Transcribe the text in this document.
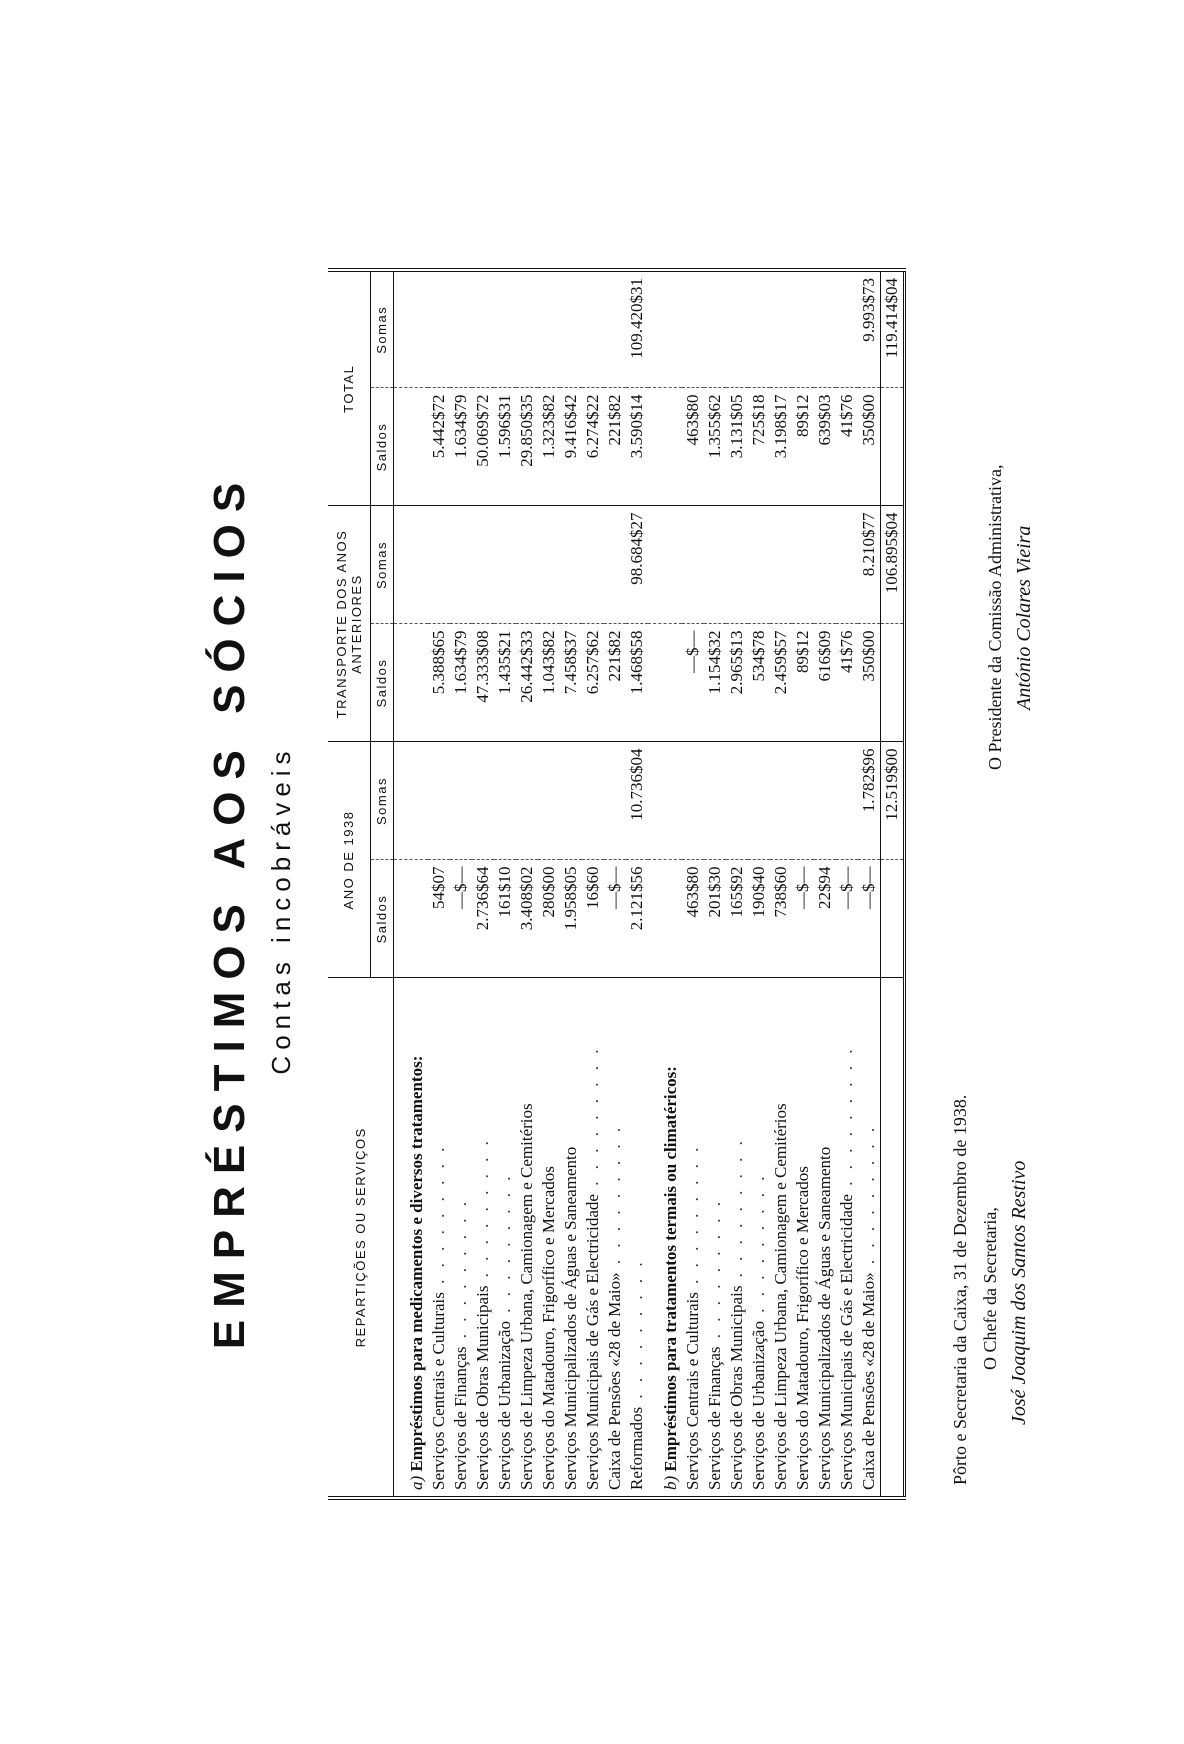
EMPRÉSTIMOS AOS SÓCIOS Contas incobráveis
REPARTIÇÕES OU SERVIÇOS	ANO DE 1938		TRANSPORTE DOS ANOS ANTERIORES		TOTAL	
	Saldos	Somas	Saldos	Somas	Saldos	Somas
a) Empréstimos para medicamentos e diversos tratamentos:						
Serviços Centrais e Culturais . . . . . . . . .	54$07		5.388$65		5.442$72	
Serviços de Finanças . . . . . . . . .	—$—		1.634$79		1.634$79	
Serviços de Obras Municipais . . . . . . . . .	2.736$64		47.333$08		50.069$72	
Serviços de Urbanização . . . . . . . . .	161$10		1.435$21		1.596$31	
Serviços de Limpeza Urbana, Camionagem e Cemitérios	3.408$02		26.442$33		29.850$35	
Serviços do Matadouro, Frigorífico e Mercados	280$00		1.043$82		1.323$82	
Serviços Municipalizados de Águas e Saneamento	1.958$05		7.458$37		9.416$42	
Serviços Municipais de Gás e Electricidade . . . . . . . . .	16$60		6.257$62		6.274$22	
Caixa de Pensões «28 de Maio» . . . . . . . . .	—$—		221$82		221$82	
Reformados . . . . . . . . .	2.121$56	10.736$04	1.468$58	98.684$27	3.590$14	109.420$31
b) Empréstimos para tratamentos termais ou climatéricos:						
Serviços Centrais e Culturais . . . . . . . . .	463$80		—$—		463$80	
Serviços de Finanças . . . . . . . . .	201$30		1.154$32		1.355$62	
Serviços de Obras Municipais . . . . . . . . .	165$92		2.965$13		3.131$05	
Serviços de Urbanização . . . . . . . . .	190$40		534$78		725$18	
Serviços de Limpeza Urbana, Camionagem e Cemitérios	738$60		2.459$57		3.198$17	
Serviços do Matadouro, Frigorífico e Mercados	—$—		89$12		89$12	
Serviços Municipalizados de Águas e Saneamento	22$94		616$09		639$03	
Serviços Municipais de Gás e Electricidade . . . . . . . . .	—$—		41$76		41$76	
Caixa de Pensões «28 de Maio» . . . . . . . . .	—$—	1.782$96	350$00	8.210$77	350$00	9.993$73
		12.519$00		106.895$04		119.414$04
Pôrto e Secretaria da Caixa, 31 de Dezembro de 1938. O Chefe da Secretaria, José Joaquim dos Santos Restivo
O Presidente da Comissão Administrativa, António Colares Vieira
